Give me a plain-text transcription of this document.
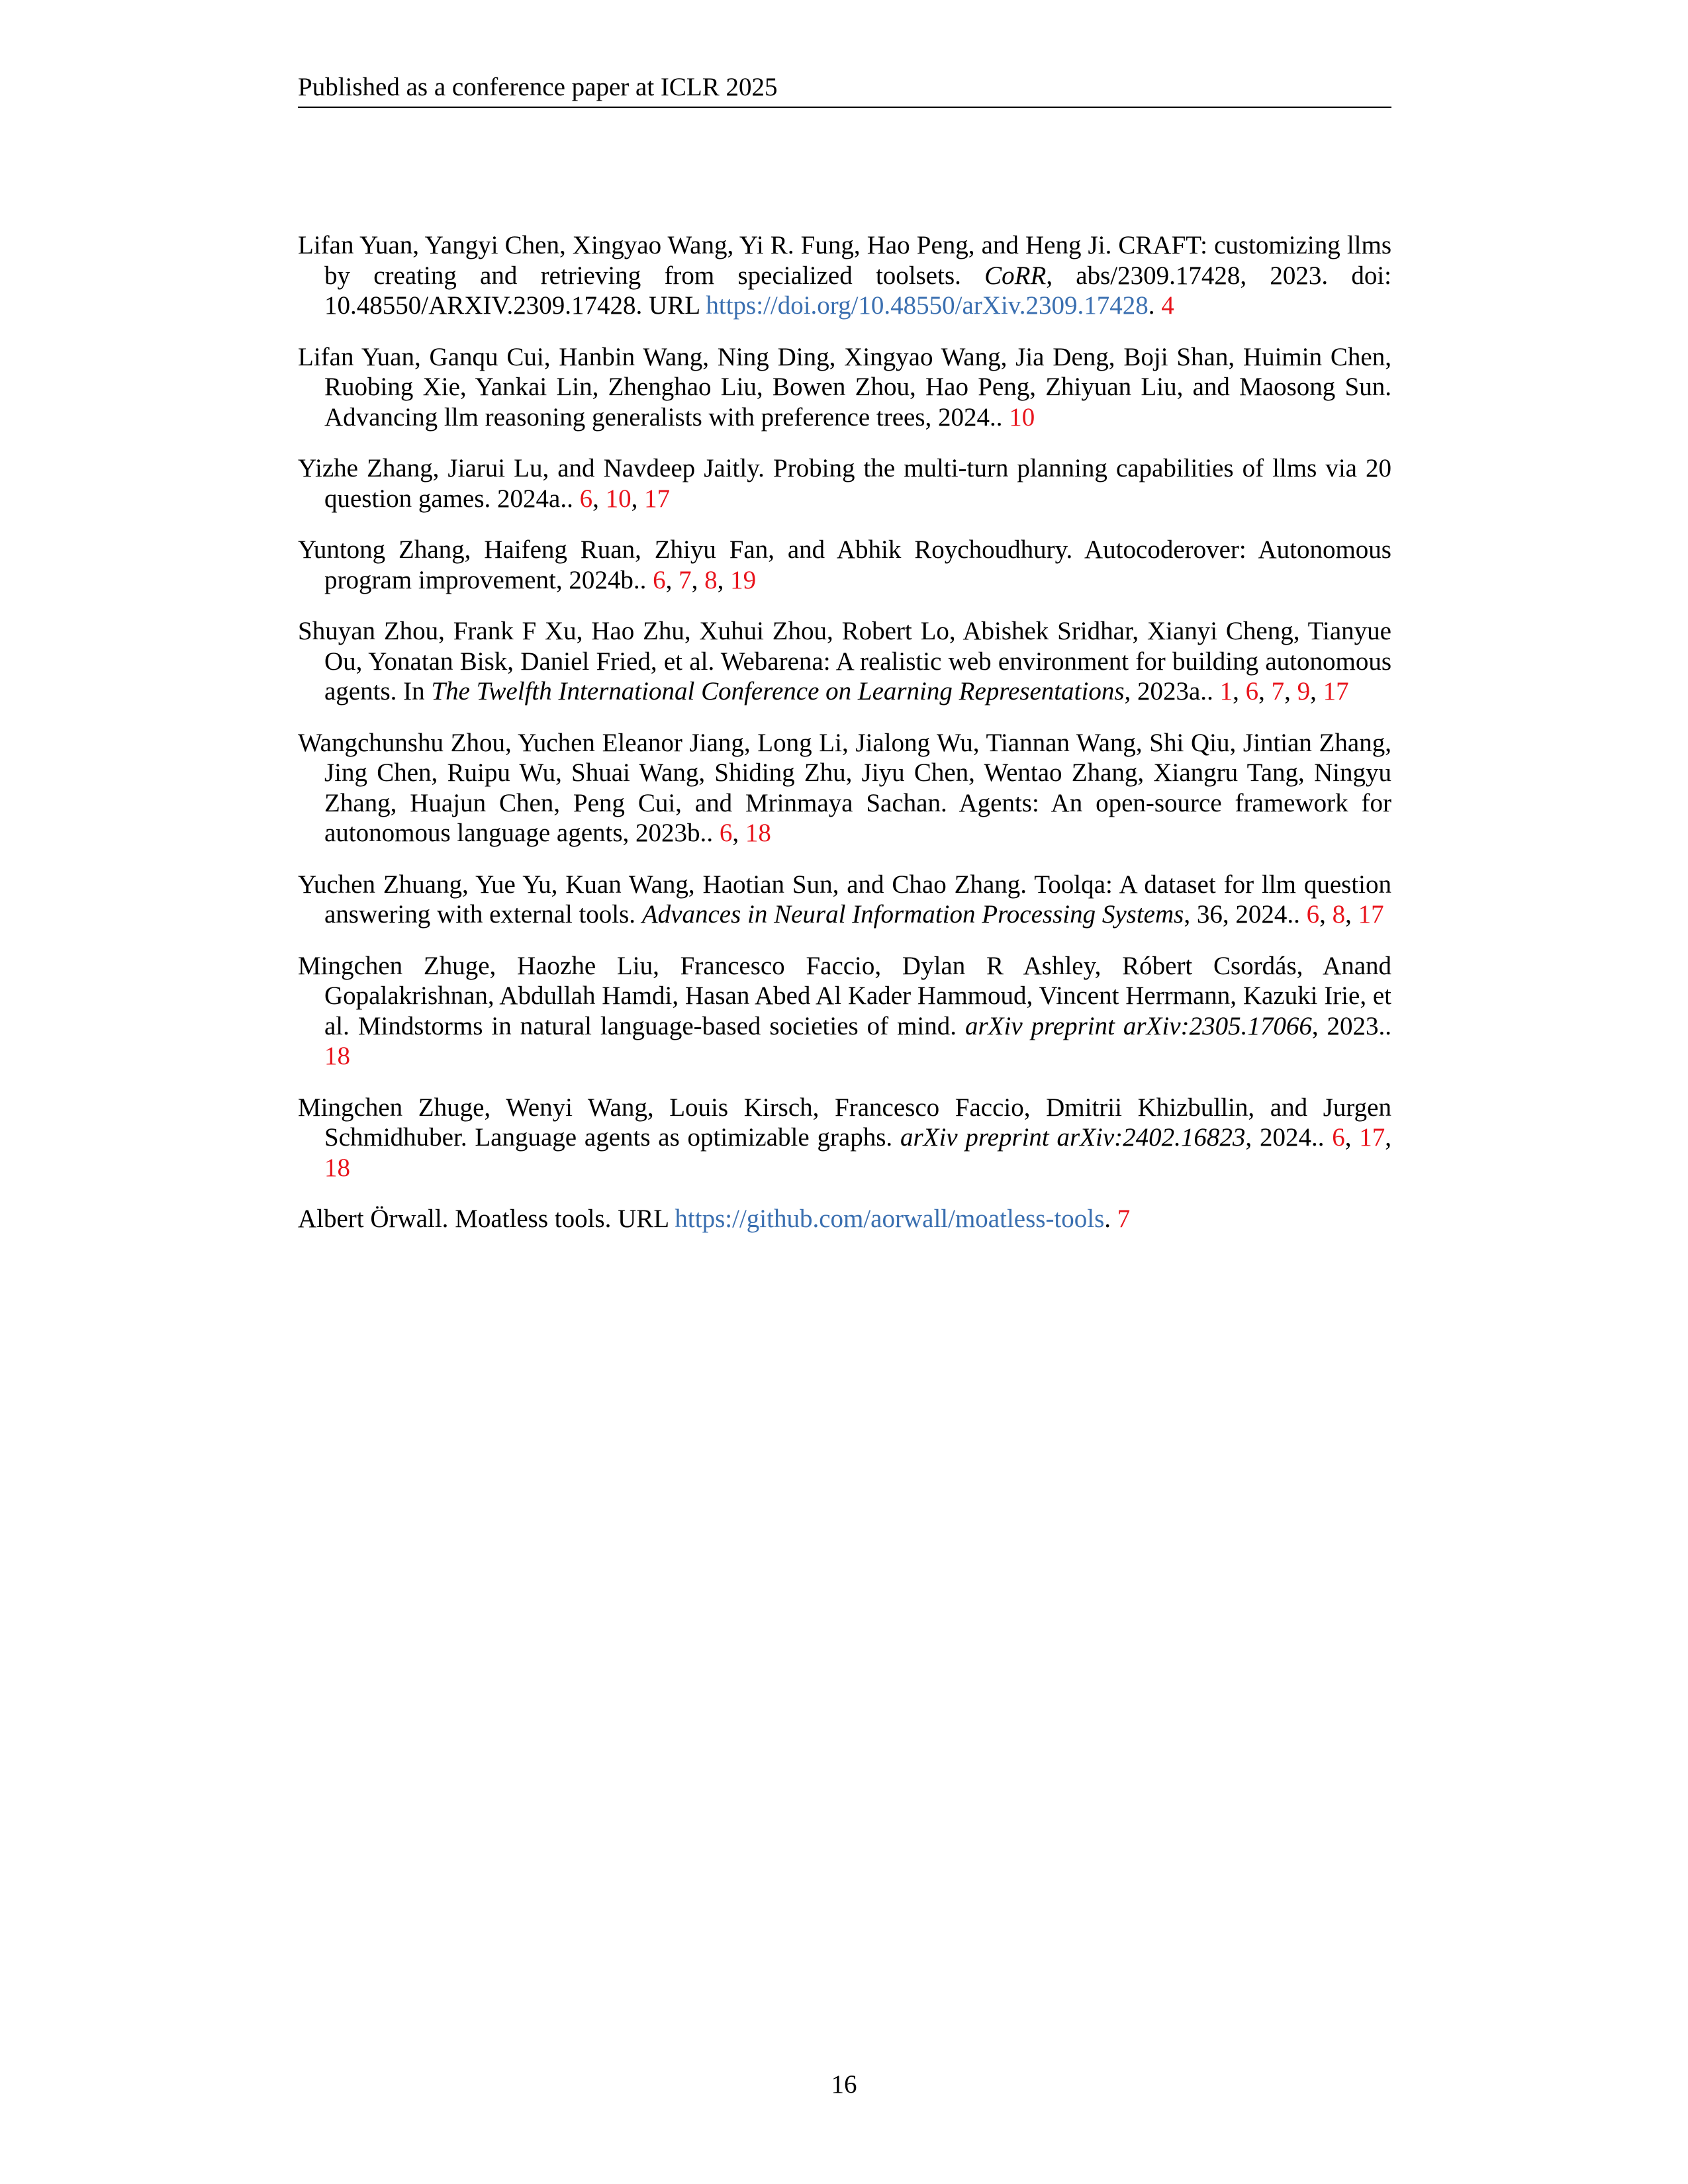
Published as a conference paper at ICLR 2025

Lifan Yuan, Yangyi Chen, Xingyao Wang, Yi R. Fung, Hao Peng, and Heng Ji. CRAFT: customizing llms by creating and retrieving from specialized toolsets. CoRR, abs/2309.17428, 2023. doi: 10.48550/ARXIV.2309.17428. URL https://doi.org/10.48550/arXiv.2309.17428. 4

Lifan Yuan, Ganqu Cui, Hanbin Wang, Ning Ding, Xingyao Wang, Jia Deng, Boji Shan, Huimin Chen, Ruobing Xie, Yankai Lin, Zhenghao Liu, Bowen Zhou, Hao Peng, Zhiyuan Liu, and Maosong Sun. Advancing llm reasoning generalists with preference trees, 2024.. 10

Yizhe Zhang, Jiarui Lu, and Navdeep Jaitly. Probing the multi-turn planning capabilities of llms via 20 question games. 2024a.. 6, 10, 17

Yuntong Zhang, Haifeng Ruan, Zhiyu Fan, and Abhik Roychoudhury. Autocoderover: Autonomous program improvement, 2024b.. 6, 7, 8, 19

Shuyan Zhou, Frank F Xu, Hao Zhu, Xuhui Zhou, Robert Lo, Abishek Sridhar, Xianyi Cheng, Tianyue Ou, Yonatan Bisk, Daniel Fried, et al. Webarena: A realistic web environment for building autonomous agents. In The Twelfth International Conference on Learning Representations, 2023a.. 1, 6, 7, 9, 17

Wangchunshu Zhou, Yuchen Eleanor Jiang, Long Li, Jialong Wu, Tiannan Wang, Shi Qiu, Jintian Zhang, Jing Chen, Ruipu Wu, Shuai Wang, Shiding Zhu, Jiyu Chen, Wentao Zhang, Xiangru Tang, Ningyu Zhang, Huajun Chen, Peng Cui, and Mrinmaya Sachan. Agents: An open-source framework for autonomous language agents, 2023b.. 6, 18

Yuchen Zhuang, Yue Yu, Kuan Wang, Haotian Sun, and Chao Zhang. Toolqa: A dataset for llm question answering with external tools. Advances in Neural Information Processing Systems, 36, 2024.. 6, 8, 17

Mingchen Zhuge, Haozhe Liu, Francesco Faccio, Dylan R Ashley, Róbert Csordás, Anand Gopalakrishnan, Abdullah Hamdi, Hasan Abed Al Kader Hammoud, Vincent Herrmann, Kazuki Irie, et al. Mindstorms in natural language-based societies of mind. arXiv preprint arXiv:2305.17066, 2023.. 18

Mingchen Zhuge, Wenyi Wang, Louis Kirsch, Francesco Faccio, Dmitrii Khizbullin, and Jurgen Schmidhuber. Language agents as optimizable graphs. arXiv preprint arXiv:2402.16823, 2024.. 6, 17, 18

Albert Örwall. Moatless tools. URL https://github.com/aorwall/moatless-tools. 7

16
